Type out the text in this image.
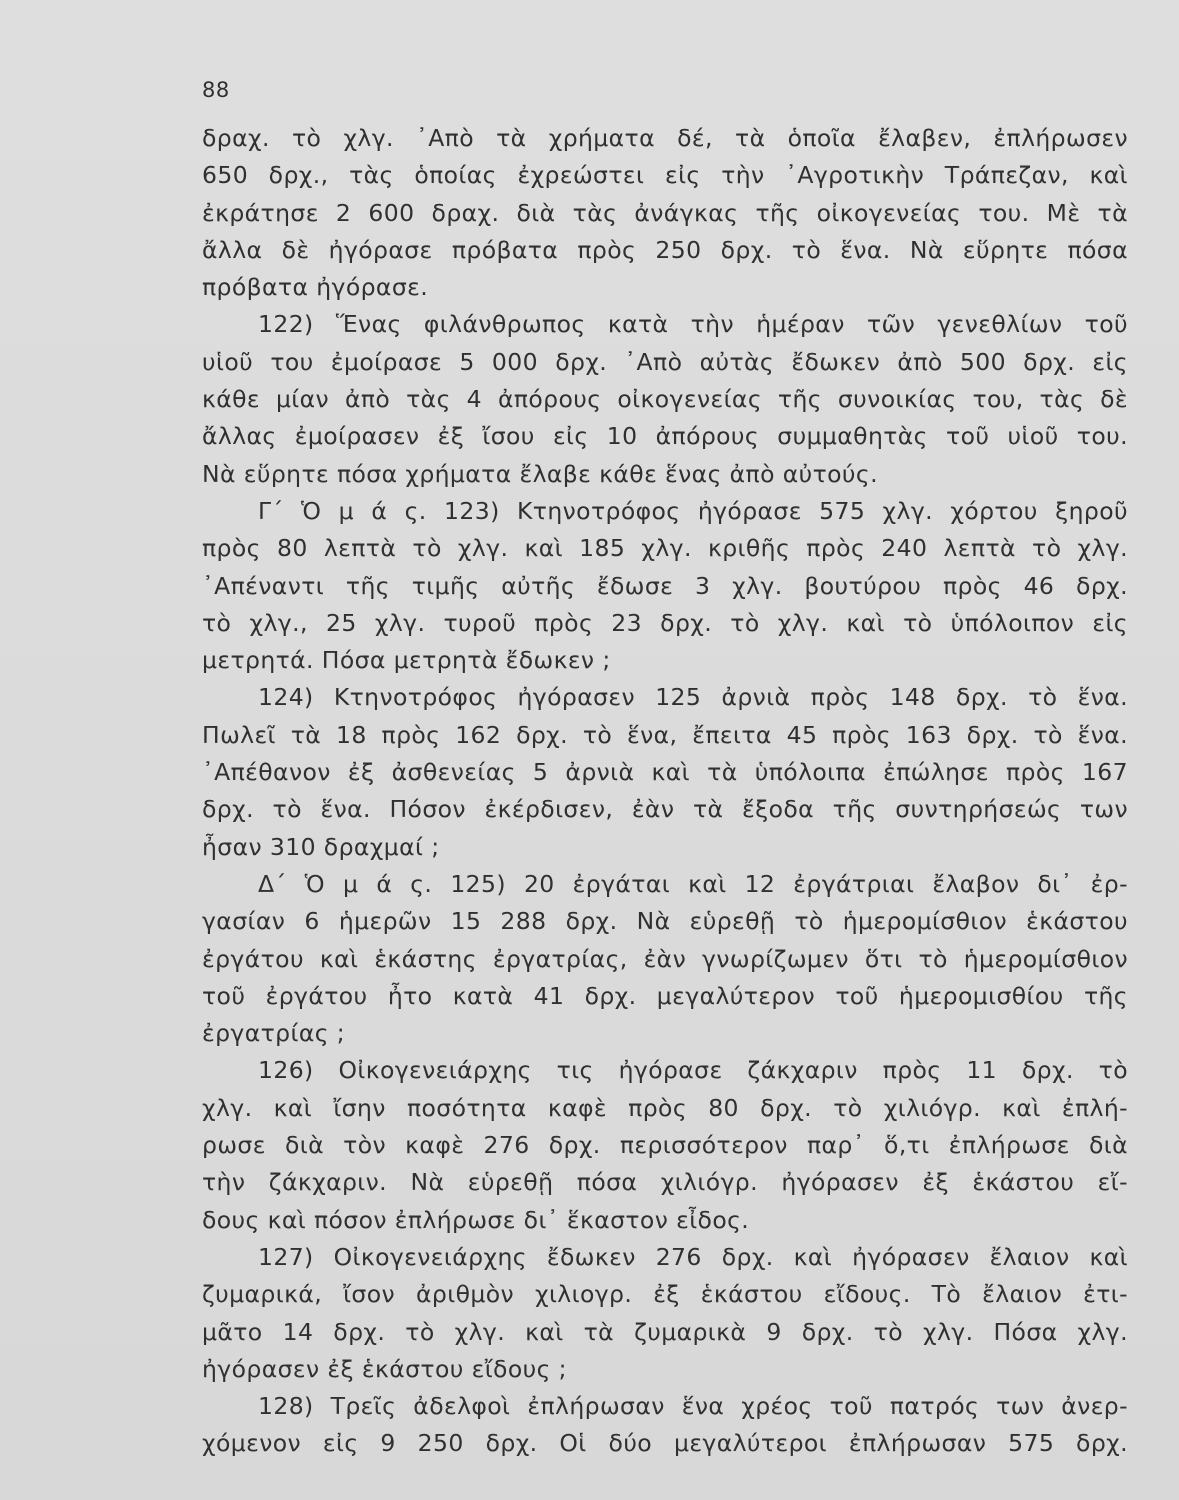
88
δραχ. τὸ χλγ. ᾽Απὸ τὰ χρήματα δέ, τὰ ὁποῖα ἔλαβεν, ἐπλήρωσεν
650 δρχ., τὰς ὁποίας ἐχρεώστει εἰς τὴν ᾽Αγροτικὴν Τράπεζαν, καὶ
ἐκράτησε 2 600 δραχ. διὰ τὰς ἀνάγκας τῆς οἰκογενείας του. Μὲ τὰ
ἄλλα δὲ ἠγόρασε πρόβατα πρὸς 250 δρχ. τὸ ἕνα. Νὰ εὕρητε πόσα
πρόβατα ἠγόρασε.
122) Ἕνας φιλάνθρωπος κατὰ τὴν ἡμέραν τῶν γενεθλίων τοῦ
υἱοῦ του ἐμοίρασε 5 000 δρχ. ᾽Απὸ αὐτὰς ἔδωκεν ἀπὸ 500 δρχ. εἰς
κάθε μίαν ἀπὸ τὰς 4 ἀπόρους οἰκογενείας τῆς συνοικίας του, τὰς δὲ
ἄλλας ἐμοίρασεν ἐξ ἴσου εἰς 10 ἀπόρους συμμαθητὰς τοῦ υἱοῦ του.
Νὰ εὕρητε πόσα χρήματα ἔλαβε κάθε ἕνας ἀπὸ αὐτούς.
Γ΄ Ὁ μ ά ς. 123) Κτηνοτρόφος ἠγόρασε 575 χλγ. χόρτου ξηροῦ
πρὸς 80 λεπτὰ τὸ χλγ. καὶ 185 χλγ. κριθῆς πρὸς 240 λεπτὰ τὸ χλγ.
᾽Απέναντι τῆς τιμῆς αὐτῆς ἔδωσε 3 χλγ. βουτύρου πρὸς 46 δρχ.
τὸ χλγ., 25 χλγ. τυροῦ πρὸς 23 δρχ. τὸ χλγ. καὶ τὸ ὑπόλοιπον εἰς
μετρητά. Πόσα μετρητὰ ἔδωκεν ;
124) Κτηνοτρόφος ἠγόρασεν 125 ἀρνιὰ πρὸς 148 δρχ. τὸ ἕνα.
Πωλεῖ τὰ 18 πρὸς 162 δρχ. τὸ ἕνα, ἔπειτα 45 πρὸς 163 δρχ. τὸ ἕνα.
᾽Απέθανον ἐξ ἀσθενείας 5 ἀρνιὰ καὶ τὰ ὑπόλοιπα ἐπώλησε πρὸς 167
δρχ. τὸ ἕνα. Πόσον ἐκέρδισεν, ἐὰν τὰ ἔξοδα τῆς συντηρήσεώς των
ἦσαν 310 δραχμαί ;
Δ΄ Ὁ μ ά ς. 125) 20 ἐργάται καὶ 12 ἐργάτριαι ἔλαβον δι᾽ ἐρ-
γασίαν 6 ἡμερῶν 15 288 δρχ. Νὰ εὑρεθῇ τὸ ἡμερομίσθιον ἑκάστου
ἐργάτου καὶ ἑκάστης ἐργατρίας, ἐὰν γνωρίζωμεν ὅτι τὸ ἡμερομίσθιον
τοῦ ἐργάτου ἦτο κατὰ 41 δρχ. μεγαλύτερον τοῦ ἡμερομισθίου τῆς
ἐργατρίας ;
126) Οἰκογενειάρχης τις ἠγόρασε ζάκχαριν πρὸς 11 δρχ. τὸ
χλγ. καὶ ἴσην ποσότητα καφὲ πρὸς 80 δρχ. τὸ χιλιόγρ. καὶ ἐπλή-
ρωσε διὰ τὸν καφὲ 276 δρχ. περισσότερον παρ᾽ ὅ,τι ἐπλήρωσε διὰ
τὴν ζάκχαριν. Νὰ εὑρεθῇ πόσα χιλιόγρ. ἠγόρασεν ἐξ ἑκάστου εἴ-
δους καὶ πόσον ἐπλήρωσε δι᾽ ἕκαστον εἶδος.
127) Οἰκογενειάρχης ἔδωκεν 276 δρχ. καὶ ἠγόρασεν ἔλαιον καὶ
ζυμαρικά, ἴσον ἀριθμὸν χιλιογρ. ἐξ ἑκάστου εἴδους. Τὸ ἔλαιον ἐτι-
μᾶτο 14 δρχ. τὸ χλγ. καὶ τὰ ζυμαρικὰ 9 δρχ. τὸ χλγ. Πόσα χλγ.
ἠγόρασεν ἐξ ἑκάστου εἴδους ;
128) Τρεῖς ἀδελφοὶ ἐπλήρωσαν ἕνα χρέος τοῦ πατρός των ἀνερ-
χόμενον εἰς 9 250 δρχ. Οἱ δύο μεγαλύτεροι ἐπλήρωσαν 575 δρχ.
